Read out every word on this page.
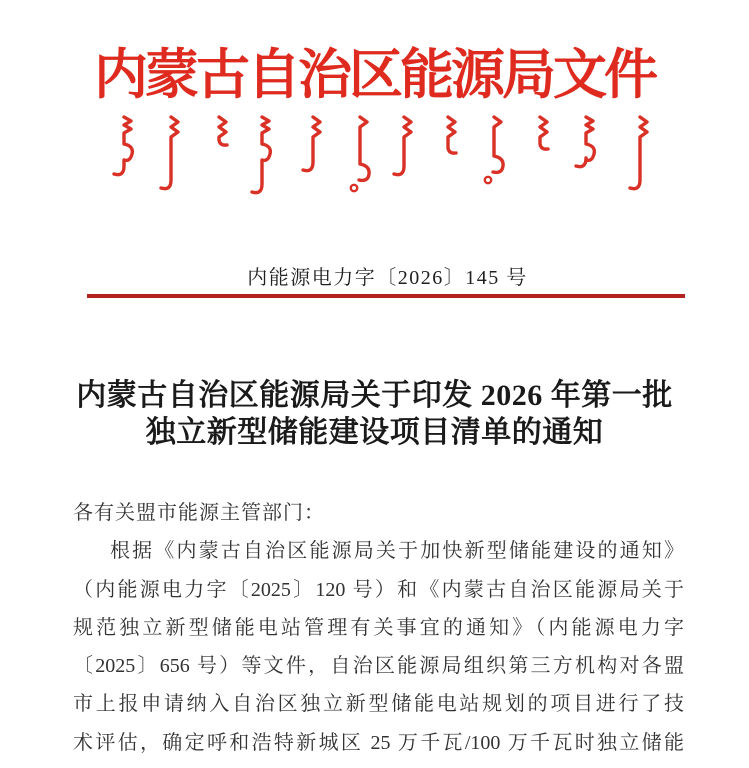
内蒙古自治区能源局文件
内能源电力字〔2026〕145 号
内蒙古自治区能源局关于印发 2026 年第一批
独立新型储能建设项目清单的通知
各有关盟市能源主管部门：
根据《内蒙古自治区能源局关于加快新型储能建设的通知》
（内能源电力字〔2025〕120 号）和《内蒙古自治区能源局关于
规范独立新型储能电站管理有关事宜的通知》（内能源电力字
〔2025〕656 号）等文件，自治区能源局组织第三方机构对各盟
市上报申请纳入自治区独立新型储能电站规划的项目进行了技
术评估，确定呼和浩特新城区 25 万千瓦/100 万千瓦时独立储能
